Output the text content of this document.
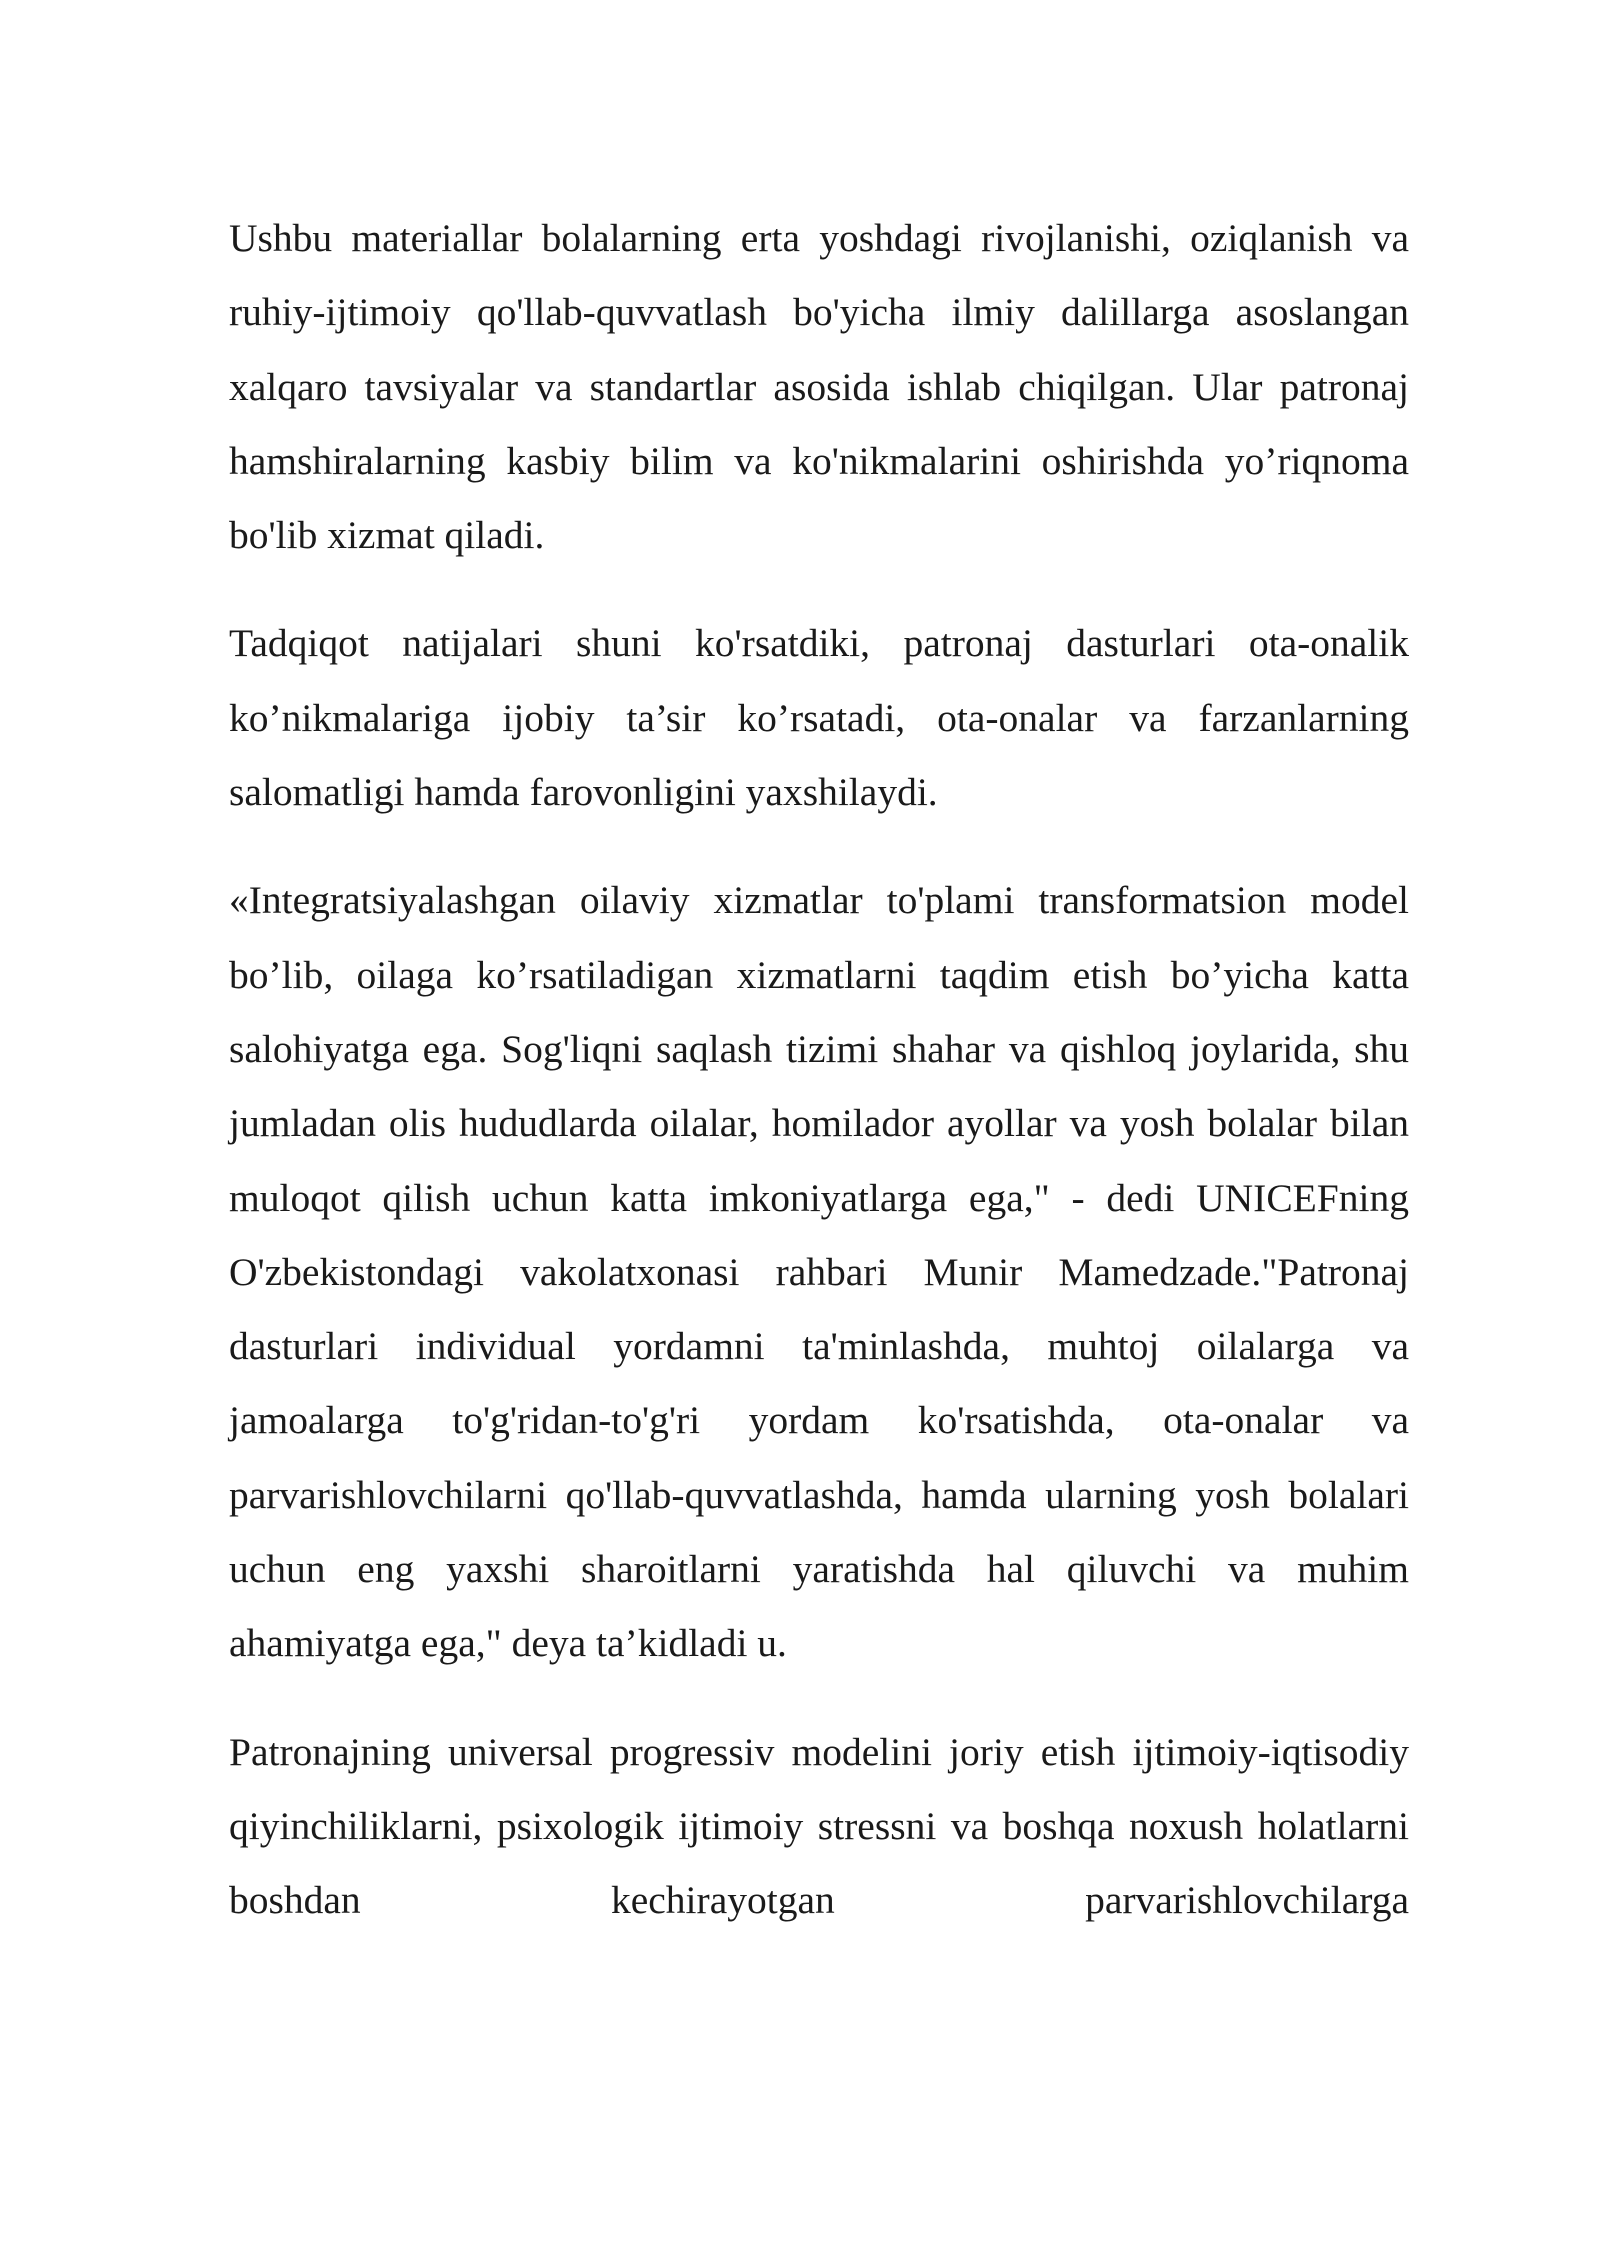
Ushbu materiallar bolalarning erta yoshdagi rivojlanishi, oziqlanish va ruhiy-ijtimoiy qo'llab-quvvatlash bo'yicha ilmiy dalillarga asoslangan xalqaro tavsiyalar va standartlar asosida ishlab chiqilgan. Ular patronaj hamshiralarning kasbiy bilim va ko'nikmalarini oshirishda yo’riqnoma bo'lib xizmat qiladi.

Tadqiqot natijalari shuni ko'rsatdiki, patronaj dasturlari ota-onalik ko’nikmalariga ijobiy ta’sir ko’rsatadi, ota-onalar va farzanlarning salomatligi hamda farovonligini yaxshilaydi.

«Integratsiyalashgan oilaviy xizmatlar to'plami transformatsion model bo’lib, oilaga ko’rsatiladigan xizmatlarni taqdim etish bo’yicha katta salohiyatga ega. Sog'liqni saqlash tizimi shahar va qishloq joylarida, shu jumladan olis hududlarda oilalar, homilador ayollar va yosh bolalar bilan muloqot qilish uchun katta imkoniyatlarga ega," - dedi UNICEFning O'zbekistondagi vakolatxonasi rahbari Munir Mamedzade."Patronaj dasturlari individual yordamni ta'minlashda, muhtoj oilalarga va jamoalarga to'g'ridan-to'g'ri yordam ko'rsatishda, ota-onalar va parvarishlovchilarni qo'llab-quvvatlashda, hamda ularning yosh bolalari uchun eng yaxshi sharoitlarni yaratishda hal qiluvchi va muhim ahamiyatga ega," deya ta’kidladi u.

Patronajning universal progressiv modelini joriy etish ijtimoiy-iqtisodiy qiyinchiliklarni, psixologik ijtimoiy stressni va boshqa noxush holatlarni boshdan kechirayotgan parvarishlovchilarga
